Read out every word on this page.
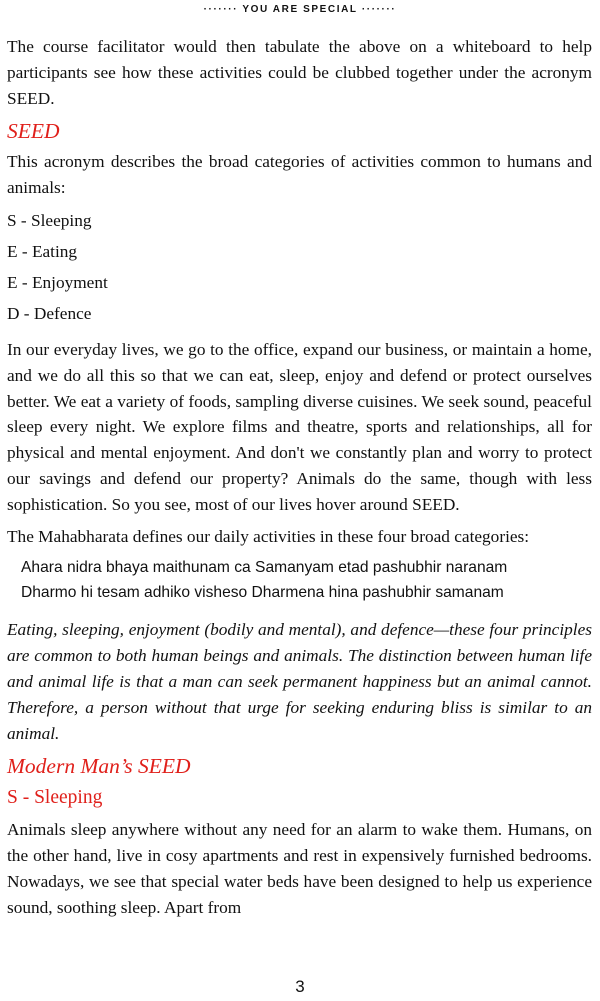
······· YOU ARE SPECIAL ·······

The course facilitator would then tabulate the above on a whiteboard to help participants see how these activities could be clubbed together under the acronym SEED.

SEED

This acronym describes the broad categories of activities common to humans and animals:

S - Sleeping
E - Eating
E - Enjoyment
D - Defence

In our everyday lives, we go to the office, expand our business, or maintain a home, and we do all this so that we can eat, sleep, enjoy and defend or protect ourselves better. We eat a variety of foods, sampling diverse cuisines. We seek sound, peaceful sleep every night. We explore films and theatre, sports and relationships, all for physical and mental enjoyment. And don't we constantly plan and worry to protect our savings and defend our property? Animals do the same, though with less sophistication. So you see, most of our lives hover around SEED.

The Mahabharata defines our daily activities in these four broad categories:

Ahara nidra bhaya maithunam ca Samanyam etad pashubhir naranam
Dharmo hi tesam adhiko visheso Dharmena hina pashubhir samanam

Eating, sleeping, enjoyment (bodily and mental), and defence—these four principles are common to both human beings and animals. The distinction between human life and animal life is that a man can seek permanent happiness but an animal cannot. Therefore, a person without that urge for seeking enduring bliss is similar to an animal.

Modern Man’s SEED

S - Sleeping

Animals sleep anywhere without any need for an alarm to wake them. Humans, on the other hand, live in cosy apartments and rest in expensively furnished bedrooms. Nowadays, we see that special water beds have been designed to help us experience sound, soothing sleep. Apart from

3
